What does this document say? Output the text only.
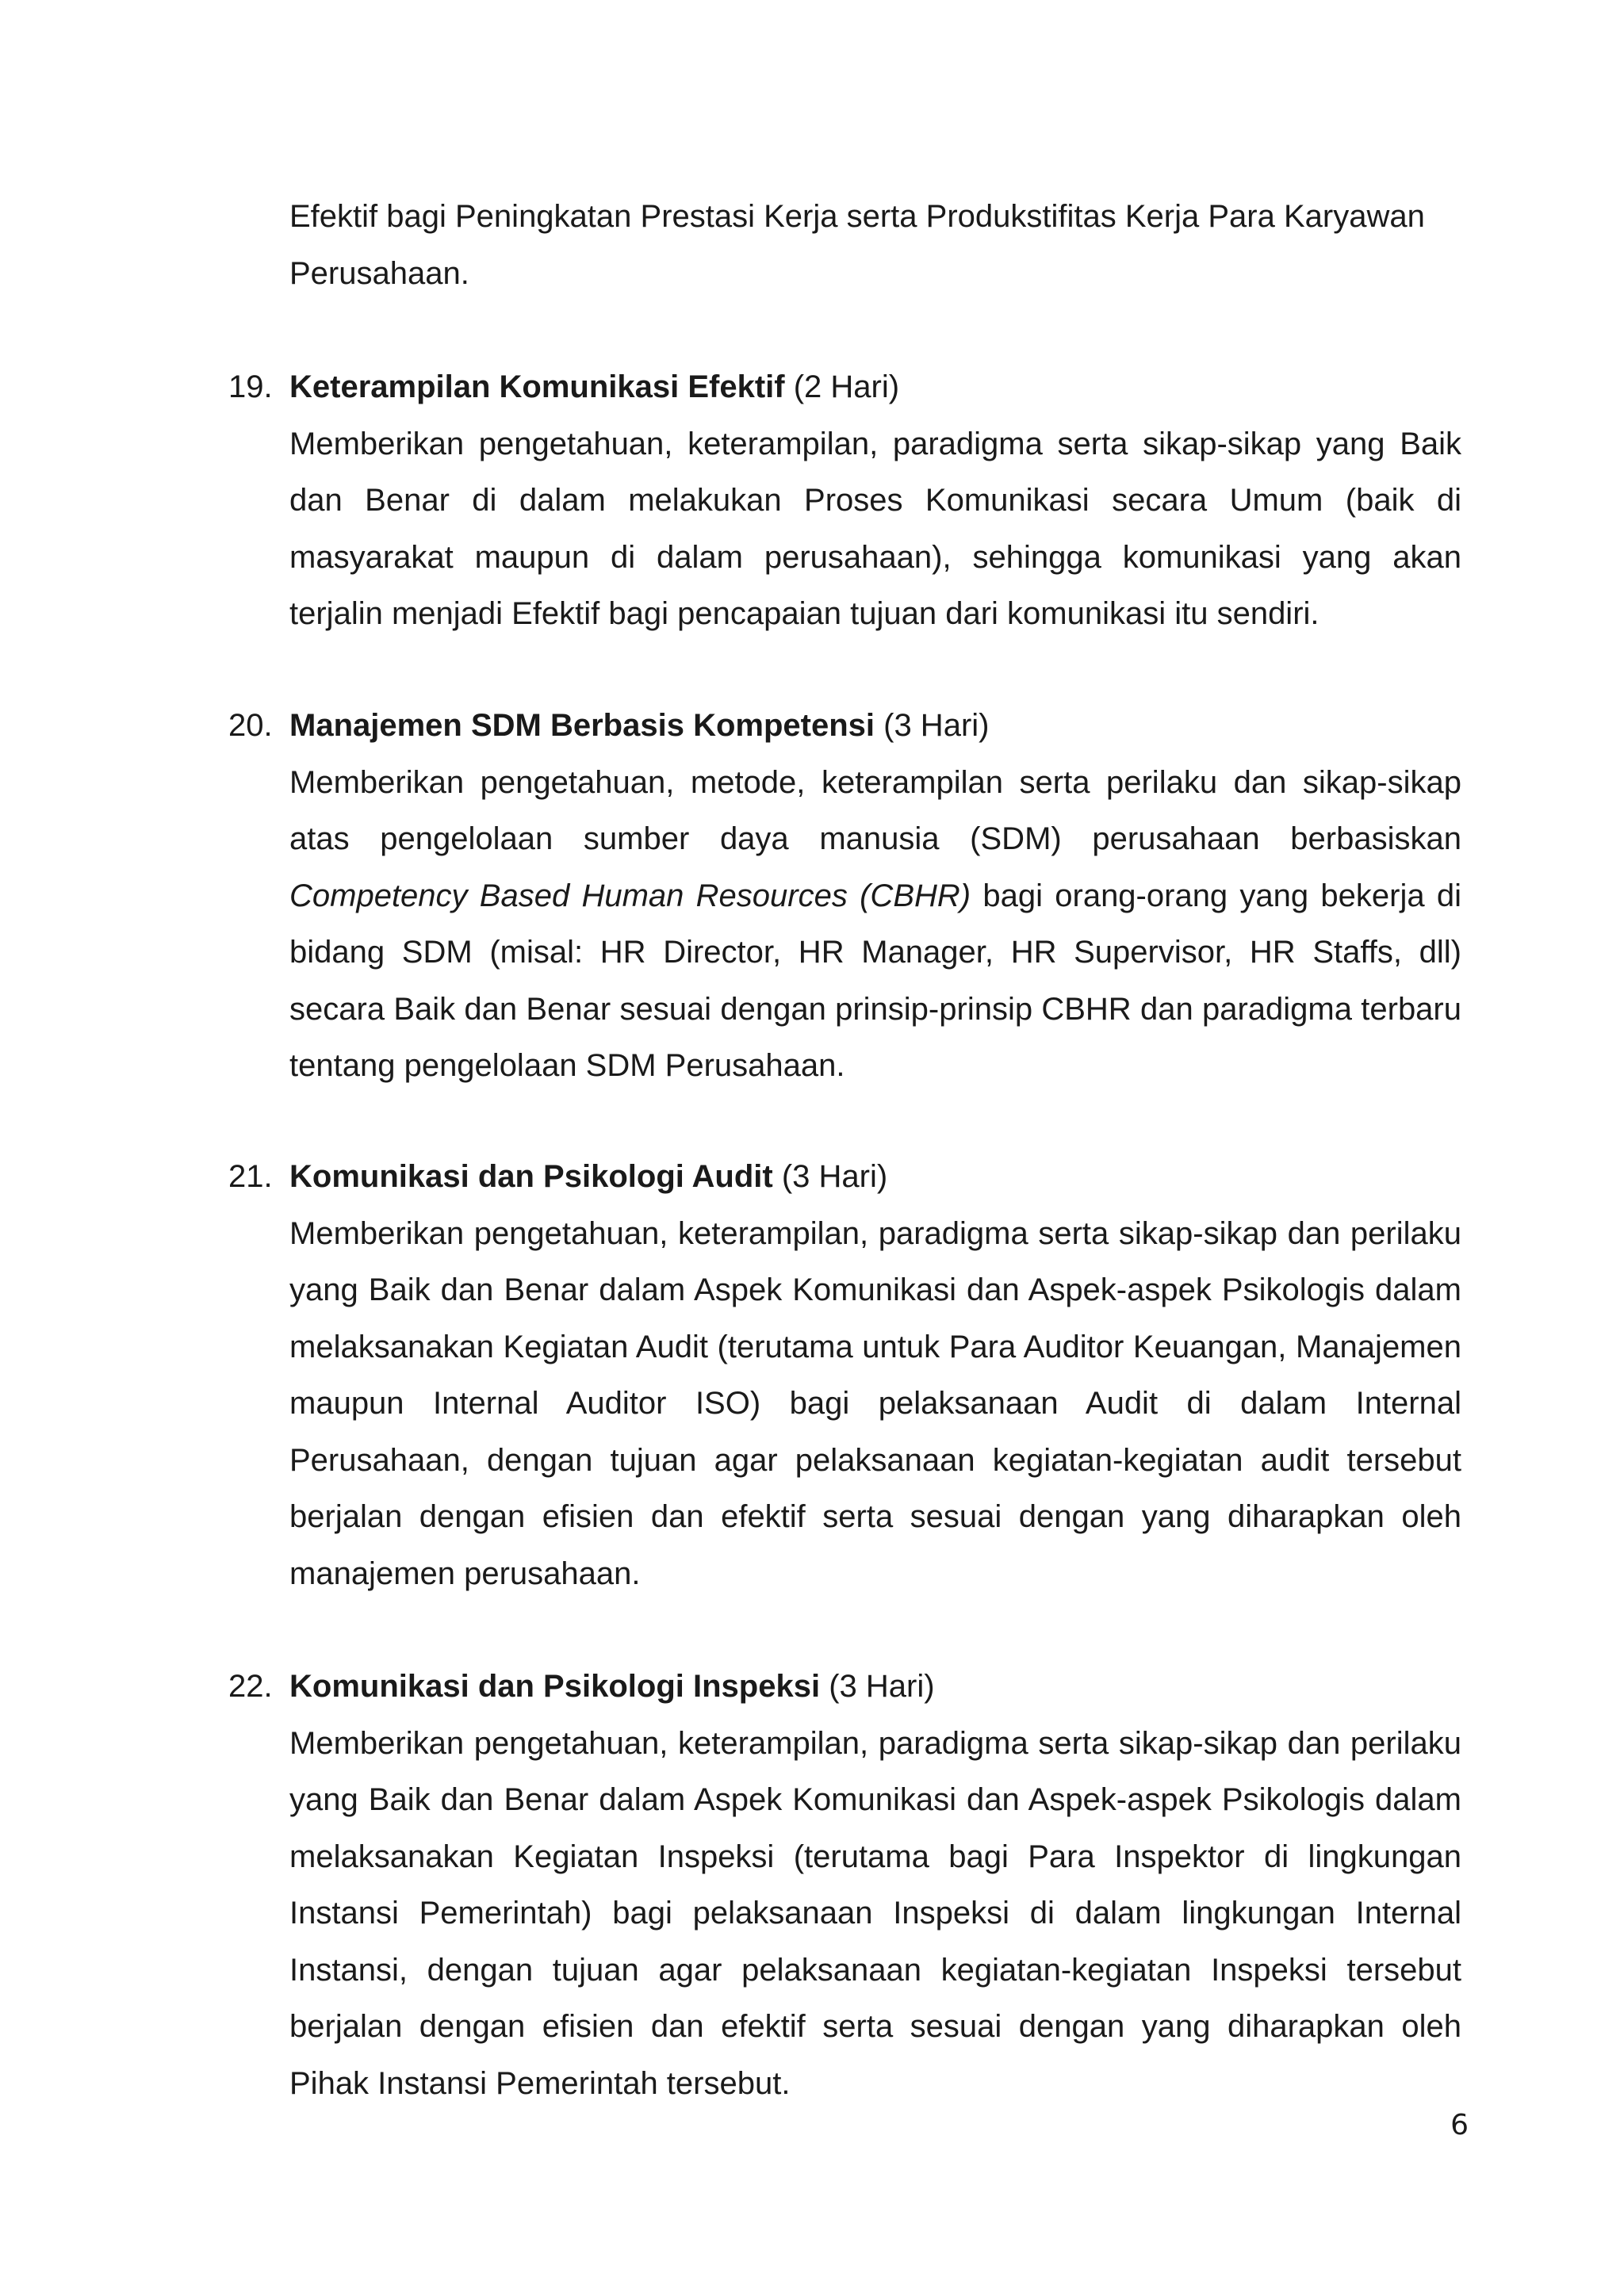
Efektif bagi Peningkatan Prestasi Kerja serta Produkstifitas Kerja Para Karyawan Perusahaan.
19. Keterampilan Komunikasi Efektif (2 Hari)
Memberikan pengetahuan, keterampilan, paradigma serta sikap-sikap yang Baik dan Benar di dalam melakukan Proses Komunikasi secara Umum (baik di masyarakat maupun di dalam perusahaan), sehingga komunikasi yang akan terjalin menjadi Efektif bagi pencapaian tujuan dari komunikasi itu sendiri.
20. Manajemen SDM Berbasis Kompetensi (3 Hari)
Memberikan pengetahuan, metode, keterampilan serta perilaku dan sikap-sikap atas pengelolaan sumber daya manusia (SDM) perusahaan berbasiskan Competency Based Human Resources (CBHR) bagi orang-orang yang bekerja di bidang SDM (misal: HR Director, HR Manager, HR Supervisor, HR Staffs, dll) secara Baik dan Benar sesuai dengan prinsip-prinsip CBHR dan paradigma terbaru tentang pengelolaan SDM Perusahaan.
21. Komunikasi dan Psikologi Audit (3 Hari)
Memberikan pengetahuan, keterampilan, paradigma serta sikap-sikap dan perilaku yang Baik dan Benar dalam Aspek Komunikasi dan Aspek-aspek Psikologis dalam melaksanakan Kegiatan Audit (terutama untuk Para Auditor Keuangan, Manajemen maupun Internal Auditor ISO) bagi pelaksanaan Audit di dalam Internal Perusahaan, dengan tujuan agar pelaksanaan kegiatan-kegiatan audit tersebut berjalan dengan efisien dan efektif serta sesuai dengan yang diharapkan oleh manajemen perusahaan.
22. Komunikasi dan Psikologi Inspeksi (3 Hari)
Memberikan pengetahuan, keterampilan, paradigma serta sikap-sikap dan perilaku yang Baik dan Benar dalam Aspek Komunikasi dan Aspek-aspek Psikologis dalam melaksanakan Kegiatan Inspeksi (terutama bagi Para Inspektor di lingkungan Instansi Pemerintah) bagi pelaksanaan Inspeksi di dalam lingkungan Internal Instansi, dengan tujuan agar pelaksanaan kegiatan-kegiatan Inspeksi tersebut berjalan dengan efisien dan efektif serta sesuai dengan yang diharapkan oleh Pihak Instansi Pemerintah tersebut.
6
